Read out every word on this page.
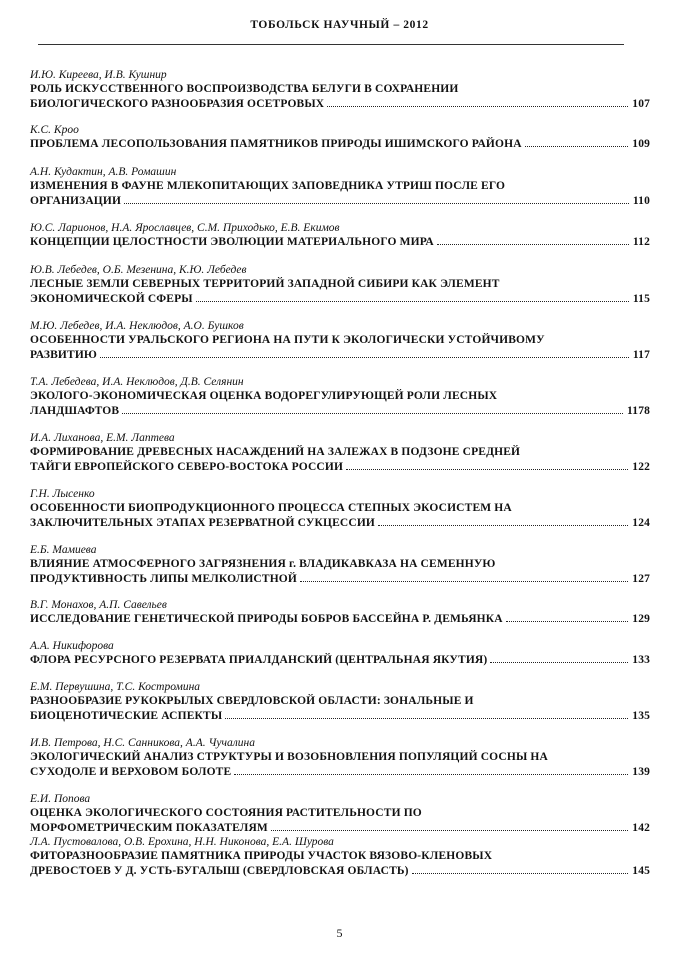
ТОБОЛЬСК НАУЧНЫЙ – 2012
И.Ю. Киреева, И.В. Кушнир
РОЛЬ ИСКУССТВЕННОГО ВОСПРОИЗВОДСТВА БЕЛУГИ В СОХРАНЕНИИ
БИОЛОГИЧЕСКОГО РАЗНООБРАЗИЯ ОСЕТРОВЫХ	107
К.С. Кроо
ПРОБЛЕМА ЛЕСОПОЛЬЗОВАНИЯ ПАМЯТНИКОВ ПРИРОДЫ ИШИМСКОГО РАЙОНА	109
А.Н. Кудактин, А.В. Ромашин
ИЗМЕНЕНИЯ В ФАУНЕ МЛЕКОПИТАЮЩИХ ЗАПОВЕДНИКА УТРИШ ПОСЛЕ ЕГО
ОРГАНИЗАЦИИ	110
Ю.С. Ларионов, Н.А. Ярославцев, С.М. Приходько, Е.В. Екимов
КОНЦЕПЦИИ ЦЕЛОСТНОСТИ ЭВОЛЮЦИИ МАТЕРИАЛЬНОГО МИРА	112
Ю.В. Лебедев, О.Б. Мезенина, К.Ю. Лебедев
ЛЕСНЫЕ ЗЕМЛИ СЕВЕРНЫХ ТЕРРИТОРИЙ ЗАПАДНОЙ СИБИРИ КАК ЭЛЕМЕНТ
ЭКОНОМИЧЕСКОЙ СФЕРЫ	115
М.Ю. Лебедев, И.А. Неклюдов, А.О. Бушков
ОСОБЕННОСТИ УРАЛЬСКОГО РЕГИОНА НА ПУТИ К ЭКОЛОГИЧЕСКИ УСТОЙЧИВОМУ
РАЗВИТИЮ	117
Т.А. Лебедева, И.А. Неклюдов, Д.В. Селянин
ЭКОЛОГО-ЭКОНОМИЧЕСКАЯ ОЦЕНКА ВОДОРЕГУЛИРУЮЩЕЙ РОЛИ ЛЕСНЫХ
ЛАНДШАФТОВ	1178
И.А. Лиханова, Е.М. Лаптева
ФОРМИРОВАНИЕ ДРЕВЕСНЫХ НАСАЖДЕНИЙ НА ЗАЛЕЖАХ В ПОДЗОНЕ СРЕДНЕЙ
ТАЙГИ ЕВРОПЕЙСКОГО СЕВЕРО-ВОСТОКА РОССИИ	122
Г.Н. Лысенко
ОСОБЕННОСТИ БИОПРОДУКЦИОННОГО ПРОЦЕССА СТЕПНЫХ ЭКОСИСТЕМ НА
ЗАКЛЮЧИТЕЛЬНЫХ ЭТАПАХ РЕЗЕРВАТНОЙ СУКЦЕССИИ	124
Е.Б. Мамиева
ВЛИЯНИЕ АТМОСФЕРНОГО ЗАГРЯЗНЕНИЯ г. ВЛАДИКАВКАЗА НА СЕМЕННУЮ
ПРОДУКТИВНОСТЬ ЛИПЫ МЕЛКОЛИСТНОЙ	127
В.Г. Монахов, А.П. Савельев
ИССЛЕДОВАНИЕ ГЕНЕТИЧЕСКОЙ ПРИРОДЫ БОБРОВ БАССЕЙНА Р. ДЕМЬЯНКА	129
А.А. Никифорова
ФЛОРА РЕСУРСНОГО РЕЗЕРВАТА ПРИАЛДАНСКИЙ (ЦЕНТРАЛЬНАЯ ЯКУТИЯ)	133
Е.М. Первушина, Т.С. Костромина
РАЗНООБРАЗИЕ РУКОКРЫЛЫХ СВЕРДЛОВСКОЙ ОБЛАСТИ: ЗОНАЛЬНЫЕ И
БИОЦЕНОТИЧЕСКИЕ АСПЕКТЫ	135
И.В. Петрова, Н.С. Санникова, А.А. Чучалина
ЭКОЛОГИЧЕСКИЙ АНАЛИЗ СТРУКТУРЫ И ВОЗОБНОВЛЕНИЯ ПОПУЛЯЦИЙ СОСНЫ НА
СУХОДОЛЕ И ВЕРХОВОМ БОЛОТЕ	139
Е.И. Попова
ОЦЕНКА ЭКОЛОГИЧЕСКОГО СОСТОЯНИЯ РАСТИТЕЛЬНОСТИ ПО
МОРФОМЕТРИЧЕСКИМ ПОКАЗАТЕЛЯМ	142
Л.А. Пустовалова, О.В. Ерохина, Н.Н. Никонова, Е.А. Шурова
ФИТОРАЗНООБРАЗИЕ ПАМЯТНИКА ПРИРОДЫ УЧАСТОК ВЯЗОВО-КЛЕНОВЫХ
ДРЕВОСТОЕВ У Д. УСТЬ-БУГАЛЫШ (СВЕРДЛОВСКАЯ ОБЛАСТЬ)	145
5
